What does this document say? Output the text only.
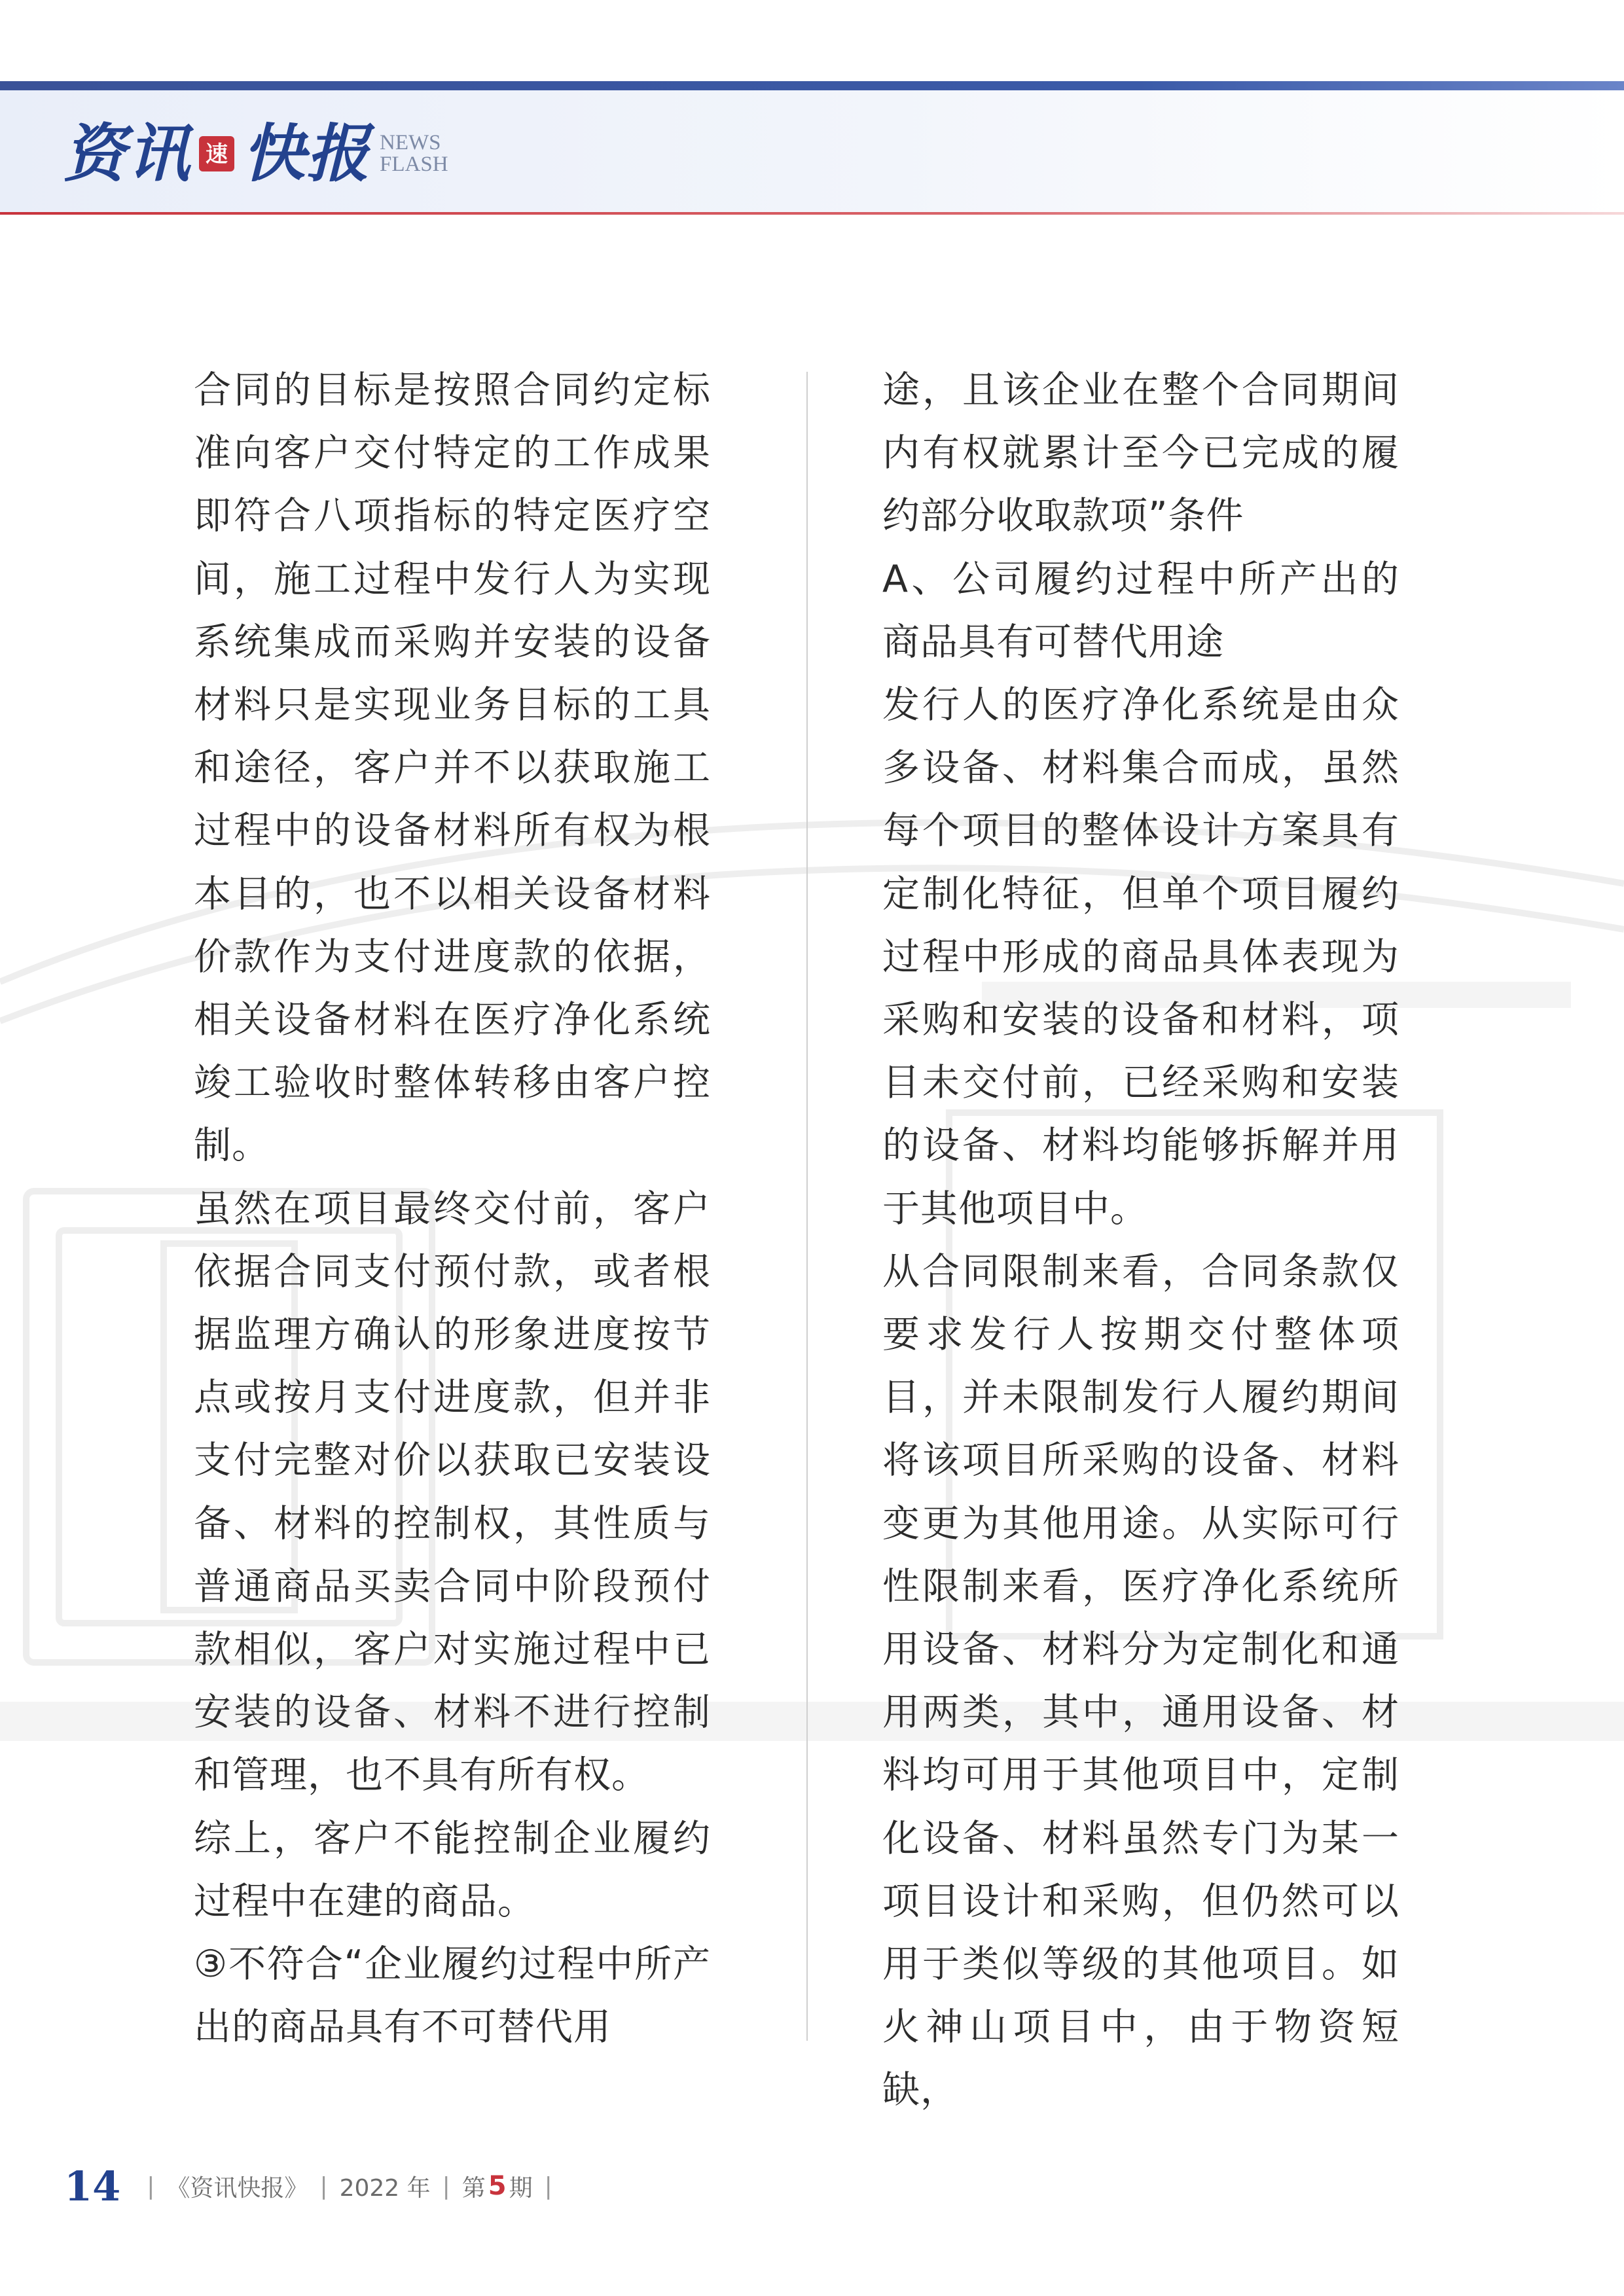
资讯 速 快报 NEWS
FLASH

合同的目标是按照合同约定标准向客户交付特定的工作成果即符合八项指标的特定医疗空间，施工过程中发行人为实现系统集成而采购并安装的设备材料只是实现业务目标的工具和途径，客户并不以获取施工过程中的设备材料所有权为根本目的，也不以相关设备材料价款作为支付进度款的依据，相关设备材料在医疗净化系统竣工验收时整体转移由客户控制。

虽然在项目最终交付前，客户依据合同支付预付款，或者根据监理方确认的形象进度按节点或按月支付进度款，但并非支付完整对价以获取已安装设备、材料的控制权，其性质与普通商品买卖合同中阶段预付款相似，客户对实施过程中已安装的设备、材料不进行控制和管理，也不具有所有权。

综上，客户不能控制企业履约过程中在建的商品。

③不符合“企业履约过程中所产出的商品具有不可替代用

途，且该企业在整个合同期间内有权就累计至今已完成的履约部分收取款项”条件

A、公司履约过程中所产出的商品具有可替代用途

发行人的医疗净化系统是由众多设备、材料集合而成，虽然每个项目的整体设计方案具有定制化特征，但单个项目履约过程中形成的商品具体表现为采购和安装的设备和材料，项目未交付前，已经采购和安装的设备、材料均能够拆解并用于其他项目中。

从合同限制来看，合同条款仅要求发行人按期交付整体项目，并未限制发行人履约期间将该项目所采购的设备、材料变更为其他用途。从实际可行性限制来看，医疗净化系统所用设备、材料分为定制化和通用两类，其中，通用设备、材料均可用于其他项目中，定制化设备、材料虽然专门为某一项目设计和采购，但仍然可以用于类似等级的其他项目。如火神山项目中，由于物资短缺，

14 | 《资讯快报》 | 2022 年 | 第 5 期 |
